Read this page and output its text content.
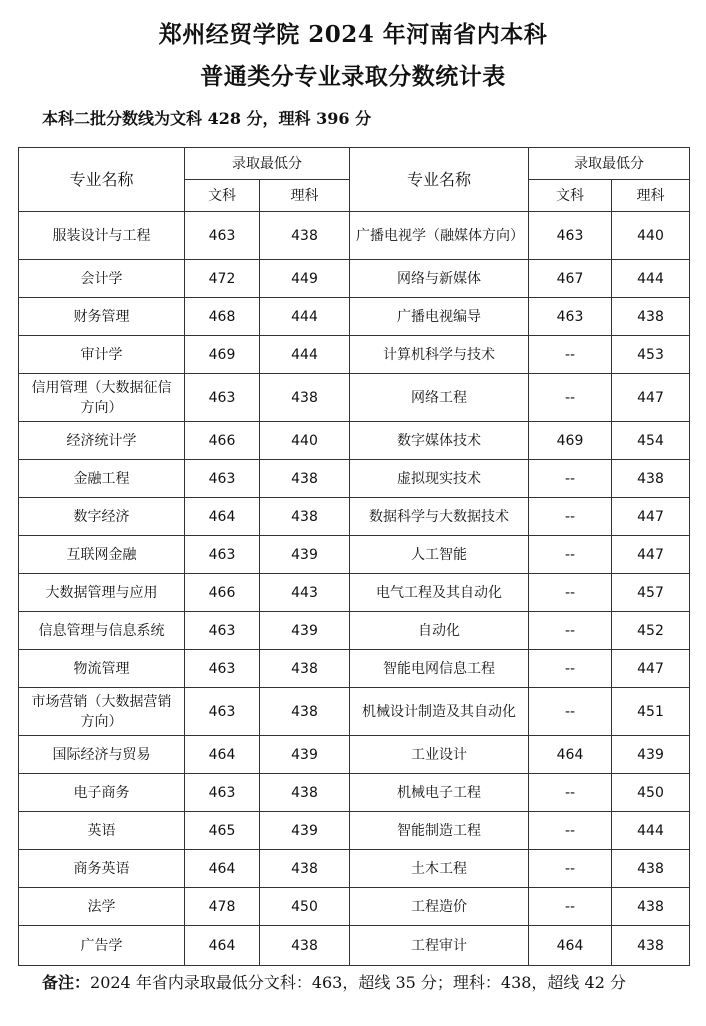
郑州经贸学院 2024 年河南省内本科
普通类分专业录取分数统计表
本科二批分数线为文科 428 分，理科 396 分
专业名称	录取最低分		专业名称	录取最低分	
	文科	理科		文科	理科
服装设计与工程	463	438	广播电视学（融媒体方向）	463	440
会计学	472	449	网络与新媒体	467	444
财务管理	468	444	广播电视编导	463	438
审计学	469	444	计算机科学与技术	--	453
信用管理（大数据征信方向）	463	438	网络工程	--	447
经济统计学	466	440	数字媒体技术	469	454
金融工程	463	438	虚拟现实技术	--	438
数字经济	464	438	数据科学与大数据技术	--	447
互联网金融	463	439	人工智能	--	447
大数据管理与应用	466	443	电气工程及其自动化	--	457
信息管理与信息系统	463	439	自动化	--	452
物流管理	463	438	智能电网信息工程	--	447
市场营销（大数据营销方向）	463	438	机械设计制造及其自动化	--	451
国际经济与贸易	464	439	工业设计	464	439
电子商务	463	438	机械电子工程	--	450
英语	465	439	智能制造工程	--	444
商务英语	464	438	土木工程	--	438
法学	478	450	工程造价	--	438
广告学	464	438	工程审计	464	438
备注：2024 年省内录取最低分文科：463，超线 35 分；理科：438，超线 42 分
